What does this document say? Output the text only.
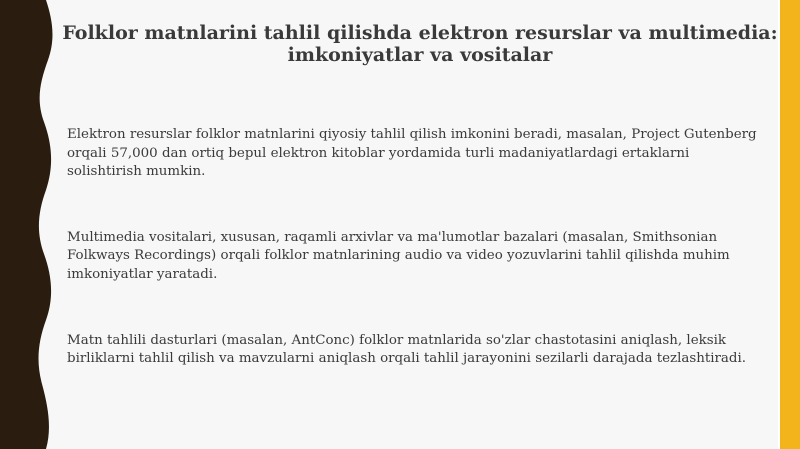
Folklor matnlarini tahlil qilishda elektron resurslar va multimedia: imkoniyatlar va vositalar

Elektron resurslar folklor matnlarini qiyosiy tahlil qilish imkonini beradi, masalan, Project Gutenberg orqali 57,000 dan ortiq bepul elektron kitoblar yordamida turli madaniyatlardagi ertaklarni solishtirish mumkin.

Multimedia vositalari, xususan, raqamli arxivlar va ma'lumotlar bazalari (masalan, Smithsonian Folkways Recordings) orqali folklor matnlarining audio va video yozuvlarini tahlil qilishda muhim imkoniyatlar yaratadi.

Matn tahlili dasturlari (masalan, AntConc) folklor matnlarida so'zlar chastotasini aniqlash, leksik birliklarni tahlil qilish va mavzularni aniqlash orqali tahlil jarayonini sezilarli darajada tezlashtiradi.
